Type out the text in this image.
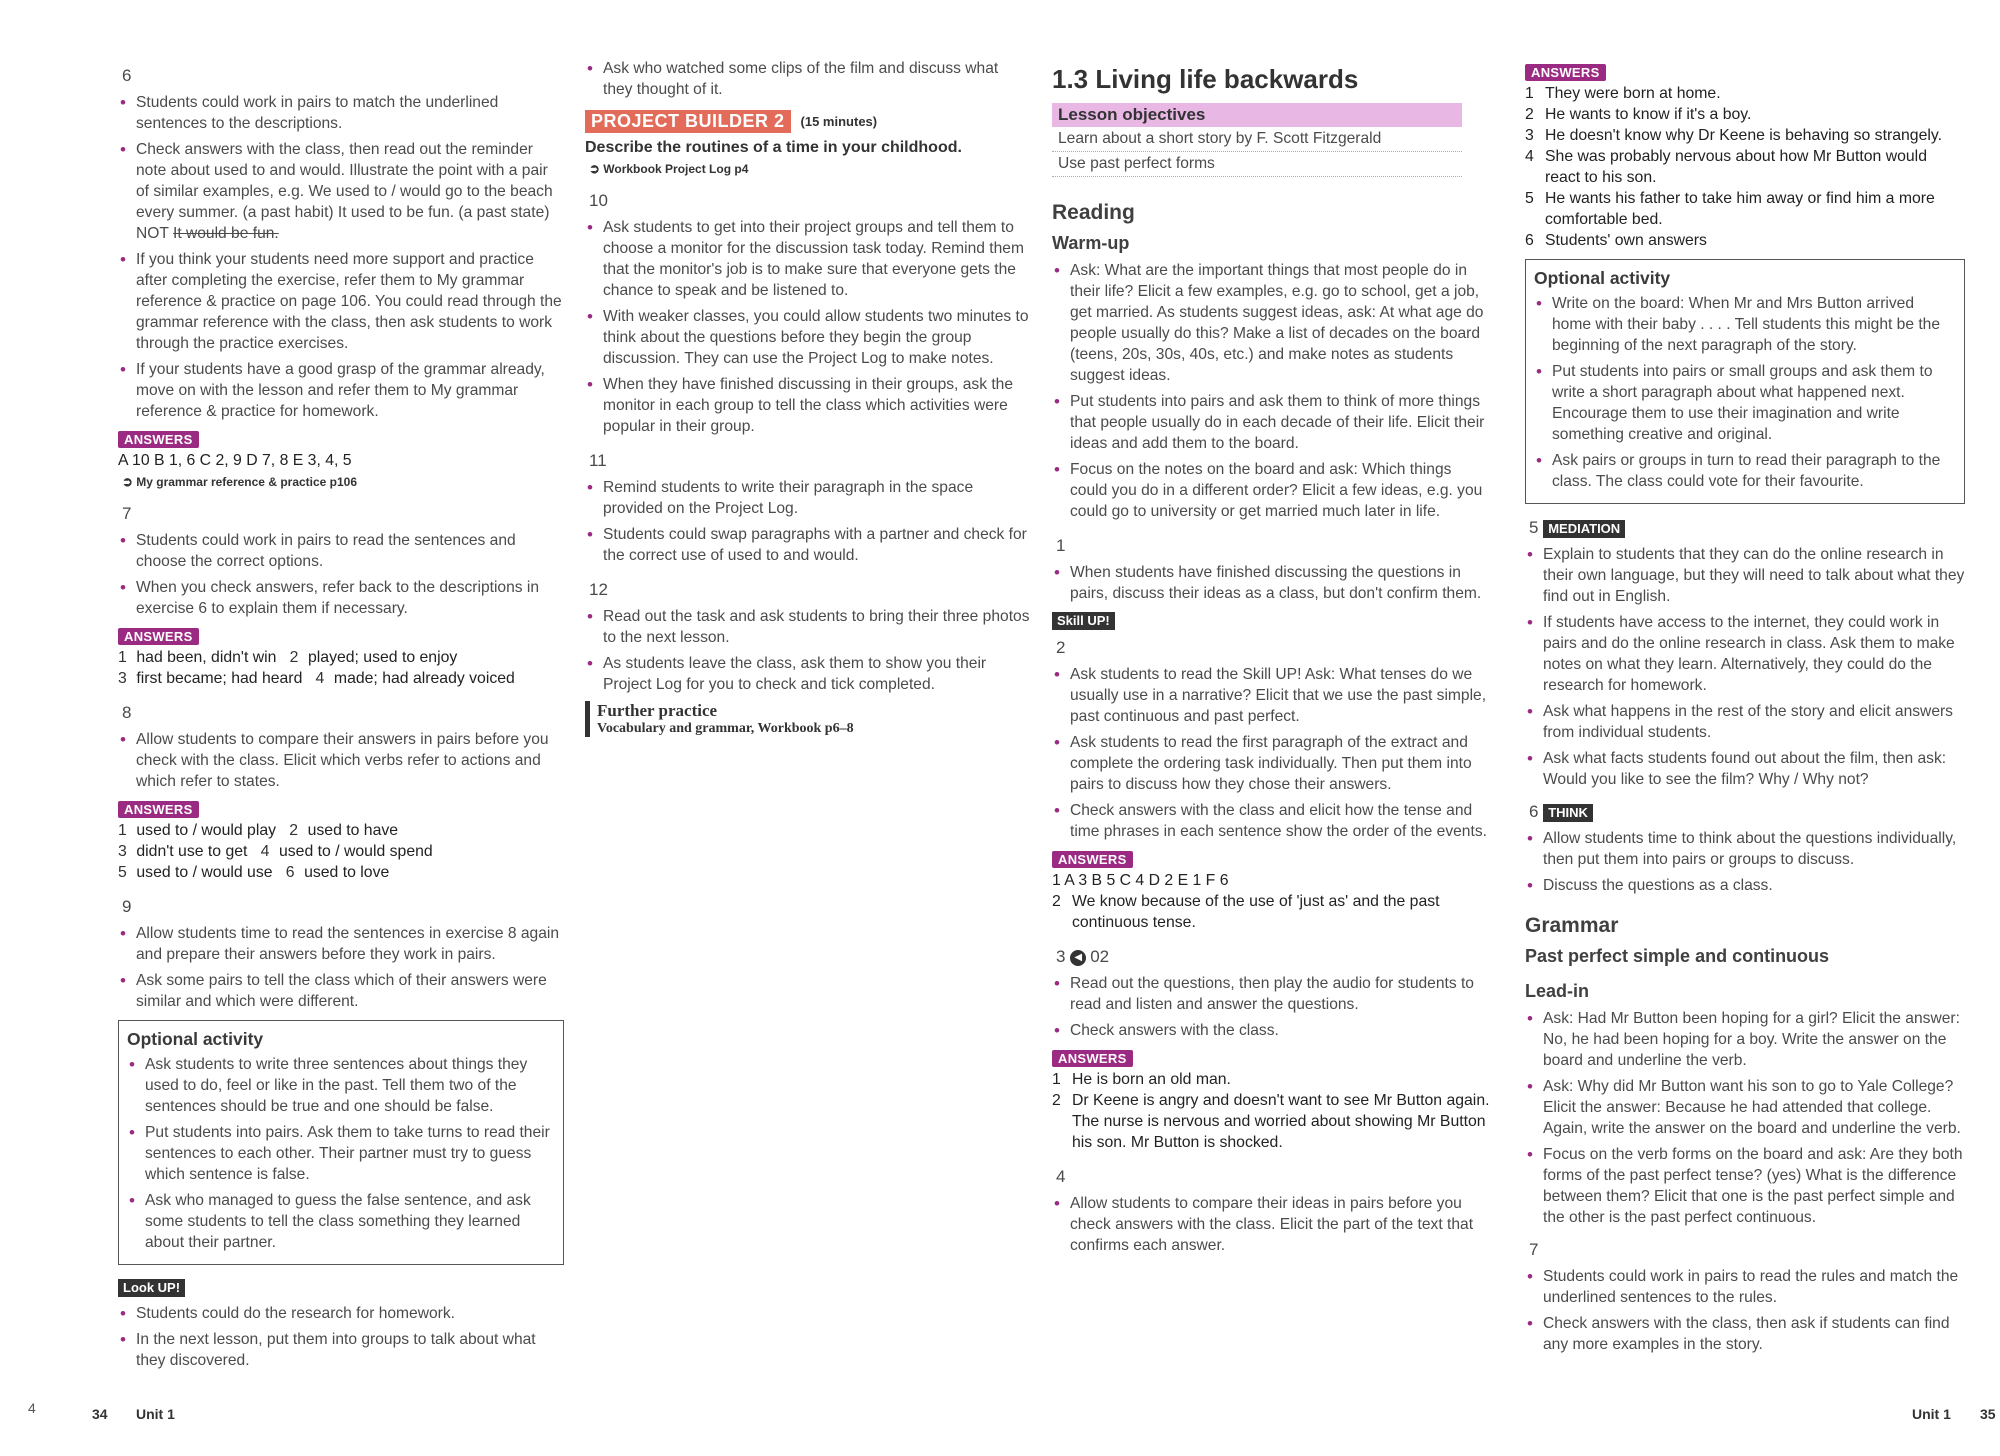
6
• Students could work in pairs to match the underlined sentences to the descriptions.
• Check answers with the class, then read out the reminder note about used to and would. Illustrate the point with a pair of similar examples, e.g. We used to / would go to the beach every summer. (a past habit) It used to be fun. (a past state) NOT It would be fun.
• If you think your students need more support and practice after completing the exercise, refer them to My grammar reference & practice on page 106. You could read through the grammar reference with the class, then ask students to work through the practice exercises.
• If your students have a good grasp of the grammar already, move on with the lesson and refer them to My grammar reference & practice for homework.
ANSWERS
A 10 B 1, 6 C 2, 9 D 7, 8 E 3, 4, 5
➲ My grammar reference & practice p106
7
• Students could work in pairs to read the sentences and choose the correct options.
• When you check answers, refer back to the descriptions in exercise 6 to explain them if necessary.
ANSWERS
1 had been, didn't win 2 played; used to enjoy
3 first became; had heard 4 made; had already voiced
8
• Allow students to compare their answers in pairs before you check with the class. Elicit which verbs refer to actions and which refer to states.
ANSWERS
1 used to / would play 2 used to have
3 didn't use to get 4 used to / would spend
5 used to / would use 6 used to love
9
• Allow students time to read the sentences in exercise 8 again and prepare their answers before they work in pairs.
• Ask some pairs to tell the class which of their answers were similar and which were different.
Optional activity
• Ask students to write three sentences about things they used to do, feel or like in the past. Tell them two of the sentences should be true and one should be false.
• Put students into pairs. Ask them to take turns to read their sentences to each other. Their partner must try to guess which sentence is false.
• Ask who managed to guess the false sentence, and ask some students to tell the class something they learned about their partner.
Look UP!
• Students could do the research for homework.
• In the next lesson, put them into groups to talk about what they discovered.
• Ask who watched some clips of the film and discuss what they thought of it.
PROJECT BUILDER 2	(15 minutes)
Describe the routines of a time in your childhood.
➲ Workbook Project Log p4
10
• Ask students to get into their project groups and tell them to choose a monitor for the discussion task today. Remind them that the monitor's job is to make sure that everyone gets the chance to speak and be listened to.
• With weaker classes, you could allow students two minutes to think about the questions before they begin the group discussion. They can use the Project Log to make notes.
• When they have finished discussing in their groups, ask the monitor in each group to tell the class which activities were popular in their group.
11
• Remind students to write their paragraph in the space provided on the Project Log.
• Students could swap paragraphs with a partner and check for the correct use of used to and would.
12
• Read out the task and ask students to bring their three photos to the next lesson.
• As students leave the class, ask them to show you their Project Log for you to check and tick completed.
Further practice
Vocabulary and grammar, Workbook p6–8
1.3 Living life backwards
Lesson objectives
Learn about a short story by F. Scott Fitzgerald
Use past perfect forms
Reading
Warm-up
• Ask: What are the important things that most people do in their life? Elicit a few examples, e.g. go to school, get a job, get married. As students suggest ideas, ask: At what age do people usually do this? Make a list of decades on the board (teens, 20s, 30s, 40s, etc.) and make notes as students suggest ideas.
• Put students into pairs and ask them to think of more things that people usually do in each decade of their life. Elicit their ideas and add them to the board.
• Focus on the notes on the board and ask: Which things could you do in a different order? Elicit a few ideas, e.g. you could go to university or get married much later in life.
1
• When students have finished discussing the questions in pairs, discuss their ideas as a class, but don't confirm them.
Skill UP!
2
• Ask students to read the Skill UP! Ask: What tenses do we usually use in a narrative? Elicit that we use the past simple, past continuous and past perfect.
• Ask students to read the first paragraph of the extract and complete the ordering task individually. Then put them into pairs to discuss how they chose their answers.
• Check answers with the class and elicit how the tense and time phrases in each sentence show the order of the events.
ANSWERS
1 A 3 B 5 C 4 D 2 E 1 F 6
2 We know because of the use of 'just as' and the past continuous tense.
3 ◀ 02
• Read out the questions, then play the audio for students to read and listen and answer the questions.
• Check answers with the class.
ANSWERS
1 He is born an old man.
2 Dr Keene is angry and doesn't want to see Mr Button again. The nurse is nervous and worried about showing Mr Button his son. Mr Button is shocked.
4
• Allow students to compare their ideas in pairs before you check answers with the class. Elicit the part of the text that confirms each answer.
ANSWERS
1 They were born at home.
2 He wants to know if it's a boy.
3 He doesn't know why Dr Keene is behaving so strangely.
4 She was probably nervous about how Mr Button would react to his son.
5 He wants his father to take him away or find him a more comfortable bed.
6 Students' own answers
Optional activity
• Write on the board: When Mr and Mrs Button arrived home with their baby . . . . Tell students this might be the beginning of the next paragraph of the story.
• Put students into pairs or small groups and ask them to write a short paragraph about what happened next. Encourage them to use their imagination and write something creative and original.
• Ask pairs or groups in turn to read their paragraph to the class. The class could vote for their favourite.
5 MEDIATION
• Explain to students that they can do the online research in their own language, but they will need to talk about what they find out in English.
• If students have access to the internet, they could work in pairs and do the online research in class. Ask them to make notes on what they learn. Alternatively, they could do the research for homework.
• Ask what happens in the rest of the story and elicit answers from individual students.
• Ask what facts students found out about the film, then ask: Would you like to see the film? Why / Why not?
6 THINK
• Allow students time to think about the questions individually, then put them into pairs or groups to discuss.
• Discuss the questions as a class.
Grammar
Past perfect simple and continuous
Lead-in
• Ask: Had Mr Button been hoping for a girl? Elicit the answer: No, he had been hoping for a boy. Write the answer on the board and underline the verb.
• Ask: Why did Mr Button want his son to go to Yale College? Elicit the answer: Because he had attended that college. Again, write the answer on the board and underline the verb.
• Focus on the verb forms on the board and ask: Are they both forms of the past perfect tense? (yes) What is the difference between them? Elicit that one is the past perfect simple and the other is the past perfect continuous.
7
• Students could work in pairs to read the rules and match the underlined sentences to the rules.
• Check answers with the class, then ask if students can find any more examples in the story.
4	34 Unit 1	Unit 1 35
